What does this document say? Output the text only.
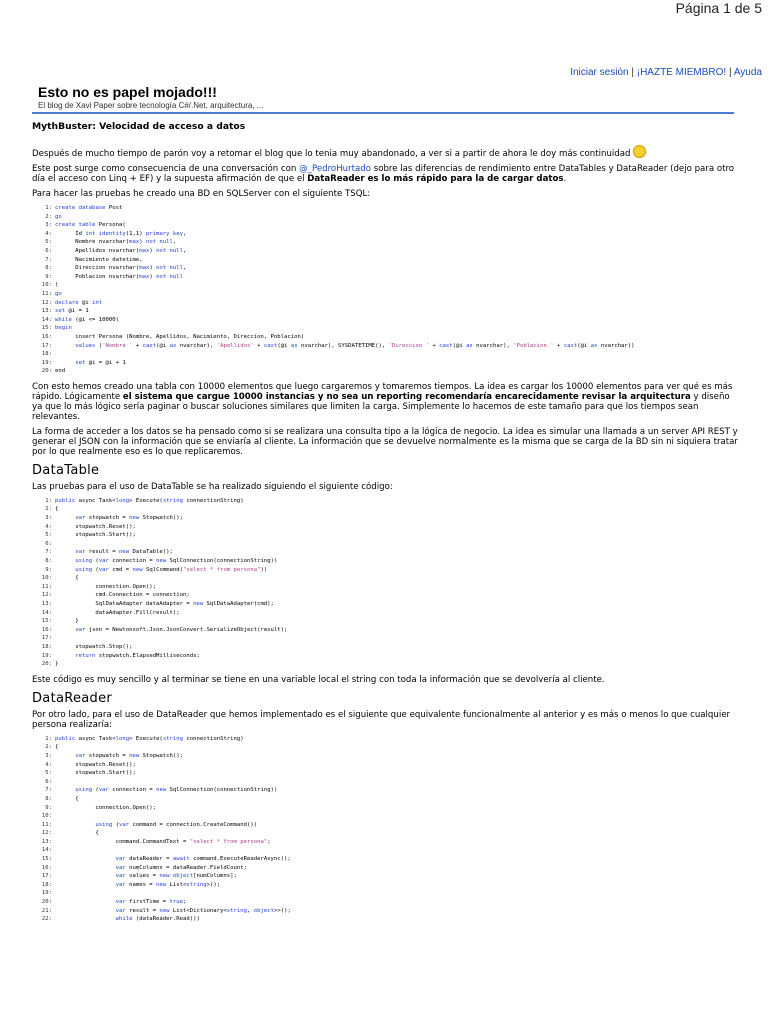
Página 1 de 5
Iniciar sesión | ¡HAZTE MIEMBRO! | Ayuda
Esto no es papel mojado!!!
El blog de Xavi Paper sobre tecnología C#/.Net, arquitectura, ...
MythBuster: Velocidad de acceso a datos

Después de mucho tiempo de parón voy a retomar el blog que lo tenia muy abandonado, a ver si a partir de ahora le doy más continuidad

Este post surge como consecuencia de una conversación con @_PedroHurtado sobre las diferencias de rendimiento entre DataTables y DataReader (dejo para otro día el acceso con Linq + EF) y la supuesta afirmación de que el DataReader es lo más rápido para la de cargar datos.

Para hacer las pruebas he creado una BD en SQLServer con el siguiente TSQL:

1: create database Post
2: go
3: create table Persona(
4: Id int identity(1,1) primary key,
5: Nombre nvarchar(max) not null,
6: Apellidos nvarchar(max) not null,
7: Nacimiento datetime,
8: Direccion nvarchar(max) not null,
9: Poblacion nvarchar(max) not null
10: )
11: go
12: declare @i int
13: set @i = 1
14: while (@i <= 10000)
15: begin
16: insert Persona (Nombre, Apellidos, Nacimiento, Direccion, Poblacion)
17:	values ('Nombre ' + cast(@i as nvarchar), 'Apellidos' + cast(@i as nvarchar), SYSDATETIME(), 'Direccion ' + cast(@i as nvarchar), 'Poblacion ' + cast(@i as nvarchar))
18:
19:	set @i = @i + 1
20: end

Con esto hemos creado una tabla con 10000 elementos que luego cargaremos y tomaremos tiempos. La idea es cargar los 10000 elementos para ver qué es más rápido. Lógicamente el sistema que cargue 10000 instancias y no sea un reporting recomendaría encarecidamente revisar la arquitectura y diseño ya que lo más lógico sería paginar o buscar soluciones similares que limiten la carga. Simplemente lo hacemos de este tamaño para que los tiempos sean relevantes.

La forma de acceder a los datos se ha pensado como si se realizara una consulta tipo a la lógica de negocio. La idea es simular una llamada a un server API REST y generar el JSON con la información que se enviaría al cliente. La información que se devuelve normalmente es la misma que se carga de la BD sin ni siquiera tratar por lo que realmente eso es lo que replicaremos.

DataTable

Las pruebas para el uso de DataTable se ha realizado siguiendo el siguiente código:

1: public async Task<long> Execute(string connectionString)
2: {
3:	var stopwatch = new Stopwatch();
4: stopwatch.Reset();
5: stopwatch.Start();
6:
7:	var result = new DataTable();
8:	using (var connection = new SqlConnection(connectionString))
9:	using (var cmd = new SqlCommand("select * from persona"))
10: {
11: connection.Open();
12: cmd.Connection = connection;
13: SqlDataAdapter dataAdapter = new SqlDataAdapter(cmd);
14: dataAdapter.Fill(result);
15: }
16:	var json = Newtonsoft.Json.JsonConvert.SerializeObject(result);
17:
18: stopwatch.Stop();
19:	return stopwatch.ElapsedMilliseconds;
20: }

Este código es muy sencillo y al terminar se tiene en una variable local el string con toda la información que se devolvería al cliente.

DataReader

Por otro lado, para el uso de DataReader que hemos implementado es el siguiente que equivalente funcionalmente al anterior y es más o menos lo que cualquier persona realizaría:

1: public async Task<long> Execute(string connectionString)
2: {
3:	var stopwatch = new Stopwatch();
4: stopwatch.Reset();
5: stopwatch.Start();
6:
7:	using (var connection = new SqlConnection(connectionString))
8: {
9: connection.Open();
10:
11:	using (var command = connection.CreateCommand())
12: {
13: command.CommandText = "select * from persona";
14:
15:	var dataReader = await command.ExecuteReaderAsync();
16:	var numColumns = dataReader.FieldCount;
17:	var values = new object[numColumns];
18:	var names = new List<string>();
19:
20:	var firstTime = true;
21:	var result = new List<Dictionary<string, object>>();
22:	while (dataReader.Read())
